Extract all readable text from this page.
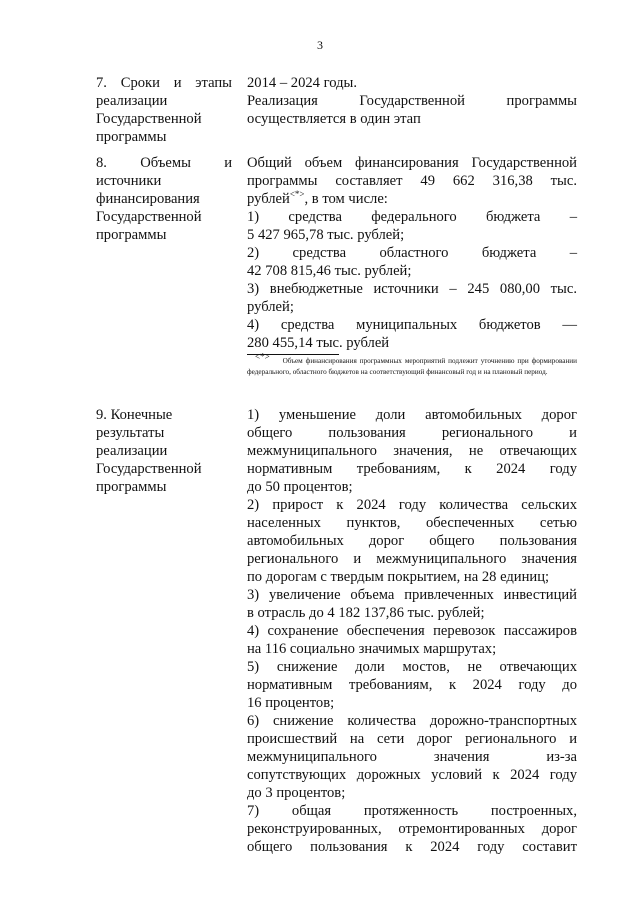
3
7. Сроки и этапы
реализации
Государственной
программы
2014 – 2024 годы.
Реализация Государственной программы
осуществляется в один этап
8. Объемы и
источники
финансирования
Государственной
программы
Общий объем финансирования Государственной
программы составляет 49 662 316,38 тыс.
рублей<*>, в том числе:
1) средства федерального бюджета –
5 427 965,78 тыс. рублей;
2) средства областного бюджета –
42 708 815,46 тыс. рублей;
3) внебюджетные источники – 245 080,00 тыс.
рублей;
4) средства муниципальных бюджетов —
280 455,14 тыс. рублей
<*> Объем финансирования программных мероприятий подлежит уточнению при формировании федерального, областного бюджетов на соответствующий финансовый год и на плановый период.
9. Конечные
результаты
реализации
Государственной
программы
1) уменьшение доли автомобильных дорог
общего пользования регионального и
межмуниципального значения, не отвечающих
нормативным требованиям, к 2024 году
до 50 процентов;
2) прирост к 2024 году количества сельских
населенных пунктов, обеспеченных сетью
автомобильных дорог общего пользования
регионального и межмуниципального значения
по дорогам с твердым покрытием, на 28 единиц;
3) увеличение объема привлеченных инвестиций
в отрасль до 4 182 137,86 тыс. рублей;
4) сохранение обеспечения перевозок пассажиров
на 116 социально значимых маршрутах;
5) снижение доли мостов, не отвечающих
нормативным требованиям, к 2024 году до
16 процентов;
6) снижение количества дорожно-транспортных
происшествий на сети дорог регионального и
межмуниципального значения из-за
сопутствующих дорожных условий к 2024 году
до 3 процентов;
7) общая протяженность построенных,
реконструированных, отремонтированных дорог
общего пользования к 2024 году составит
